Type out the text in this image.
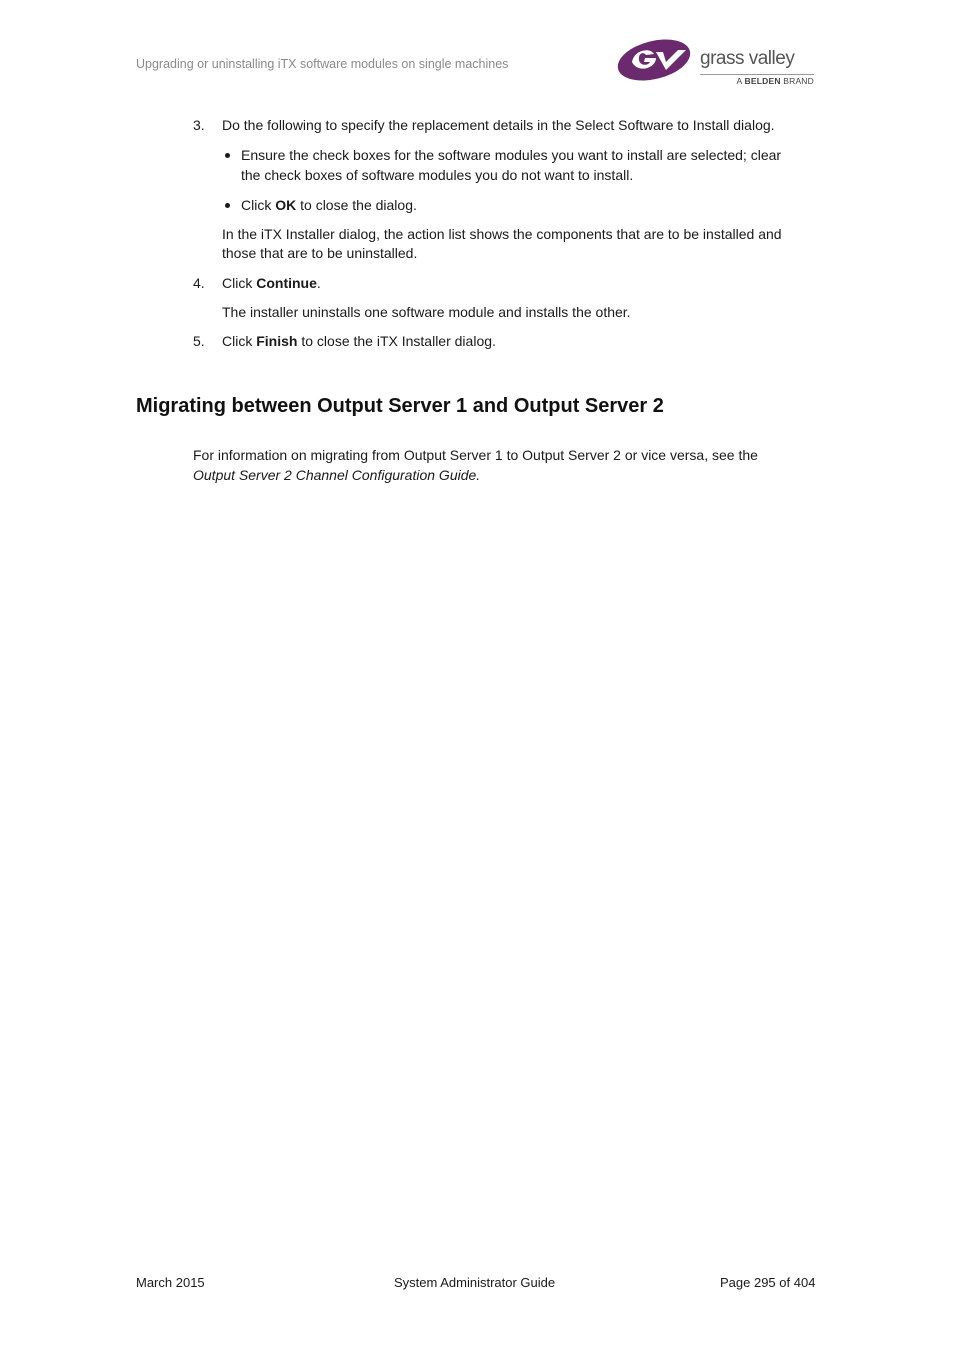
Upgrading or uninstalling iTX software modules on single machines	grass valley
A BELDEN BRAND
3. Do the following to specify the replacement details in the Select Software to Install dialog.

Ensure the check boxes for the software modules you want to install are selected; clear

the check boxes of software modules you do not want to install.

Click OK to close the dialog.

In the iTX Installer dialog, the action list shows the components that are to be installed and

those that are to be uninstalled.

4. Click Continue.

The installer uninstalls one software module and installs the other.

5. Click Finish to close the iTX Installer dialog.

Migrating between Output Server 1 and Output Server 2

For information on migrating from Output Server 1 to Output Server 2 or vice versa, see the

Output Server 2 Channel Configuration Guide.

March 2015	System Administrator Guide	Page 295 of 404
